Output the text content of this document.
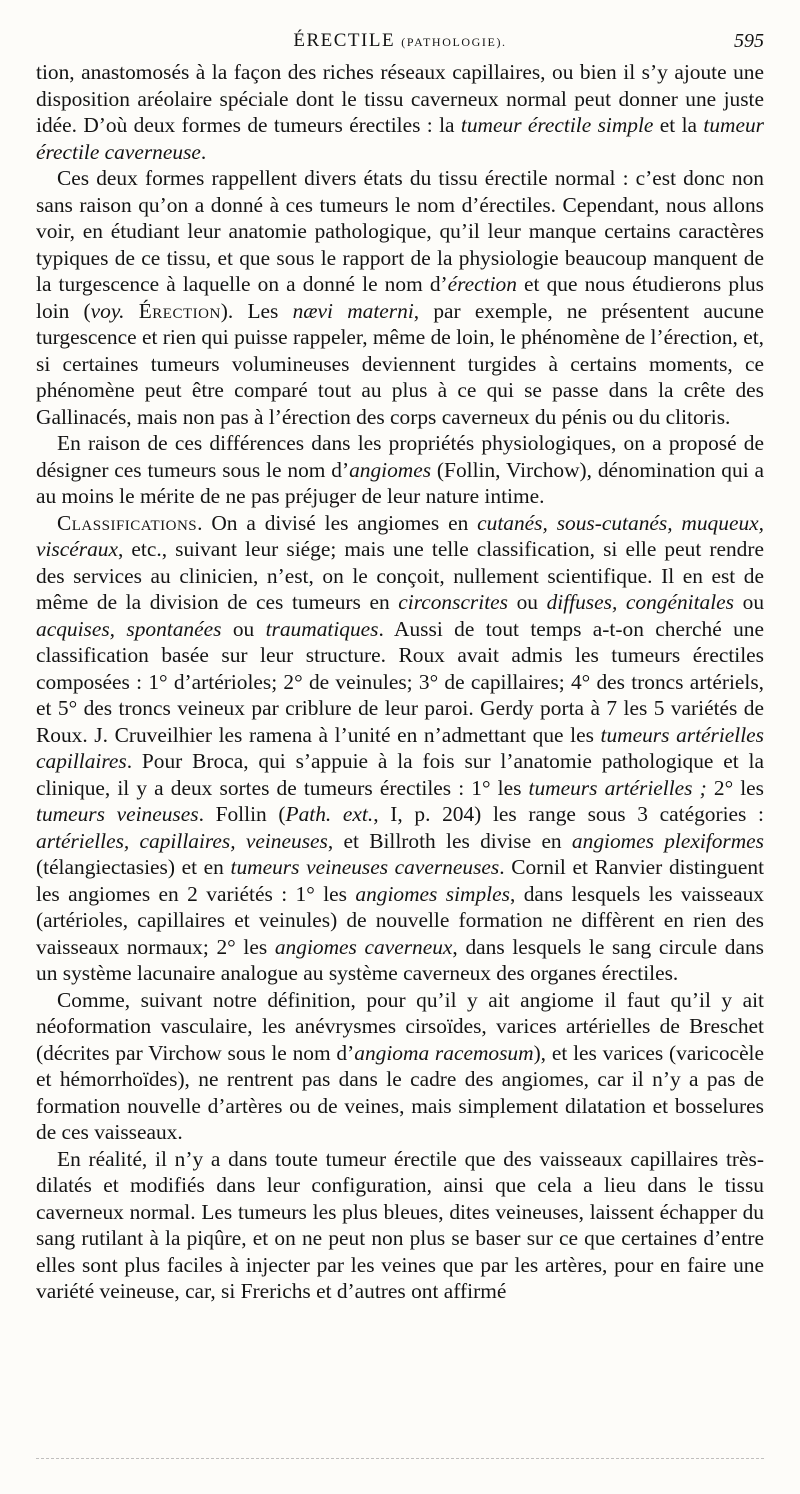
ÉRECTILE (PATHOLOGIE).	595

tion, anastomosés à la façon des riches réseaux capillaires, ou bien il s’y ajoute une disposition aréolaire spéciale dont le tissu caverneux normal peut donner une juste idée. D’où deux formes de tumeurs érectiles : la tumeur érectile simple et la tumeur érectile caverneuse.

Ces deux formes rappellent divers états du tissu érectile normal : c’est donc non sans raison qu’on a donné à ces tumeurs le nom d’érectiles. Cependant, nous allons voir, en étudiant leur anatomie pathologique, qu’il leur manque certains caractères typiques de ce tissu, et que sous le rapport de la physiologie beaucoup manquent de la turgescence à laquelle on a donné le nom d’érection et que nous étudierons plus loin (voy. Érection). Les nævi materni, par exemple, ne présentent aucune turgescence et rien qui puisse rappeler, même de loin, le phénomène de l’érection, et, si certaines tumeurs volumineuses deviennent turgides à certains moments, ce phénomène peut être comparé tout au plus à ce qui se passe dans la crête des Gallinacés, mais non pas à l’érection des corps caverneux du pénis ou du clitoris.

En raison de ces différences dans les propriétés physiologiques, on a proposé de désigner ces tumeurs sous le nom d’angiomes (Follin, Virchow), dénomination qui a au moins le mérite de ne pas préjuger de leur nature intime.

Classifications. On a divisé les angiomes en cutanés, sous-cutanés, muqueux, viscéraux, etc., suivant leur siége; mais une telle classification, si elle peut rendre des services au clinicien, n’est, on le conçoit, nullement scientifique. Il en est de même de la division de ces tumeurs en circonscrites ou diffuses, congénitales ou acquises, spontanées ou traumatiques. Aussi de tout temps a-t-on cherché une classification basée sur leur structure. Roux avait admis les tumeurs érectiles composées : 1° d’artérioles; 2° de veinules; 3° de capillaires; 4° des troncs artériels, et 5° des troncs veineux par criblure de leur paroi. Gerdy porta à 7 les 5 variétés de Roux. J. Cruveilhier les ramena à l’unité en n’admettant que les tumeurs artérielles capillaires. Pour Broca, qui s’appuie à la fois sur l’anatomie pathologique et la clinique, il y a deux sortes de tumeurs érectiles : 1° les tumeurs artérielles ; 2° les tumeurs veineuses. Follin (Path. ext., I, p. 204) les range sous 3 catégories : artérielles, capillaires, veineuses, et Billroth les divise en angiomes plexiformes (télangiectasies) et en tumeurs veineuses caverneuses. Cornil et Ranvier distinguent les angiomes en 2 variétés : 1° les angiomes simples, dans lesquels les vaisseaux (artérioles, capillaires et veinules) de nouvelle formation ne diffèrent en rien des vaisseaux normaux; 2° les angiomes caverneux, dans lesquels le sang circule dans un système lacunaire analogue au système caverneux des organes érectiles.

Comme, suivant notre définition, pour qu’il y ait angiome il faut qu’il y ait néoformation vasculaire, les anévrysmes cirsoïdes, varices artérielles de Breschet (décrites par Virchow sous le nom d’angioma racemosum), et les varices (varicocèle et hémorrhoïdes), ne rentrent pas dans le cadre des angiomes, car il n’y a pas de formation nouvelle d’artères ou de veines, mais simplement dilatation et bosselures de ces vaisseaux.

En réalité, il n’y a dans toute tumeur érectile que des vaisseaux capillaires très-dilatés et modifiés dans leur configuration, ainsi que cela a lieu dans le tissu caverneux normal. Les tumeurs les plus bleues, dites veineuses, laissent échapper du sang rutilant à la piqûre, et on ne peut non plus se baser sur ce que certaines d’entre elles sont plus faciles à injecter par les veines que par les artères, pour en faire une variété veineuse, car, si Frerichs et d’autres ont affirmé
